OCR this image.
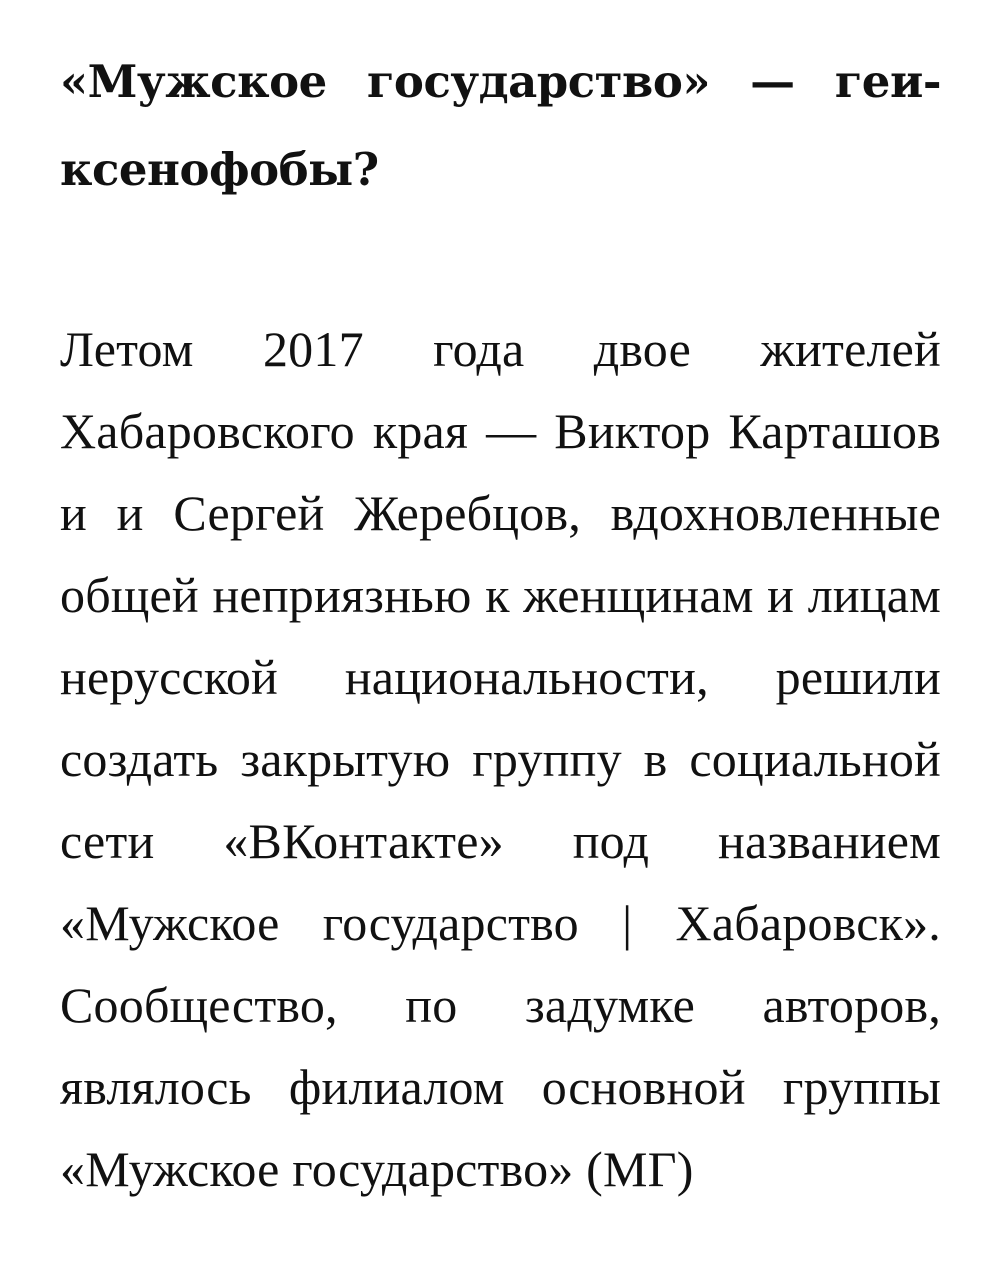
«Мужское государство» — геи-ксенофобы?

Летом 2017 года двое жителей Хабаровского края — Виктор Карташов и и Сергей Жеребцов, вдохновленные общей неприязнью к женщинам и лицам нерусской национальности, решили создать закрытую группу в социальной сети «ВКонтакте» под названием «Мужское государство | Хабаровск». Сообщество, по задумке авторов, являлось филиалом основной группы «Мужское государство» (МГ)
